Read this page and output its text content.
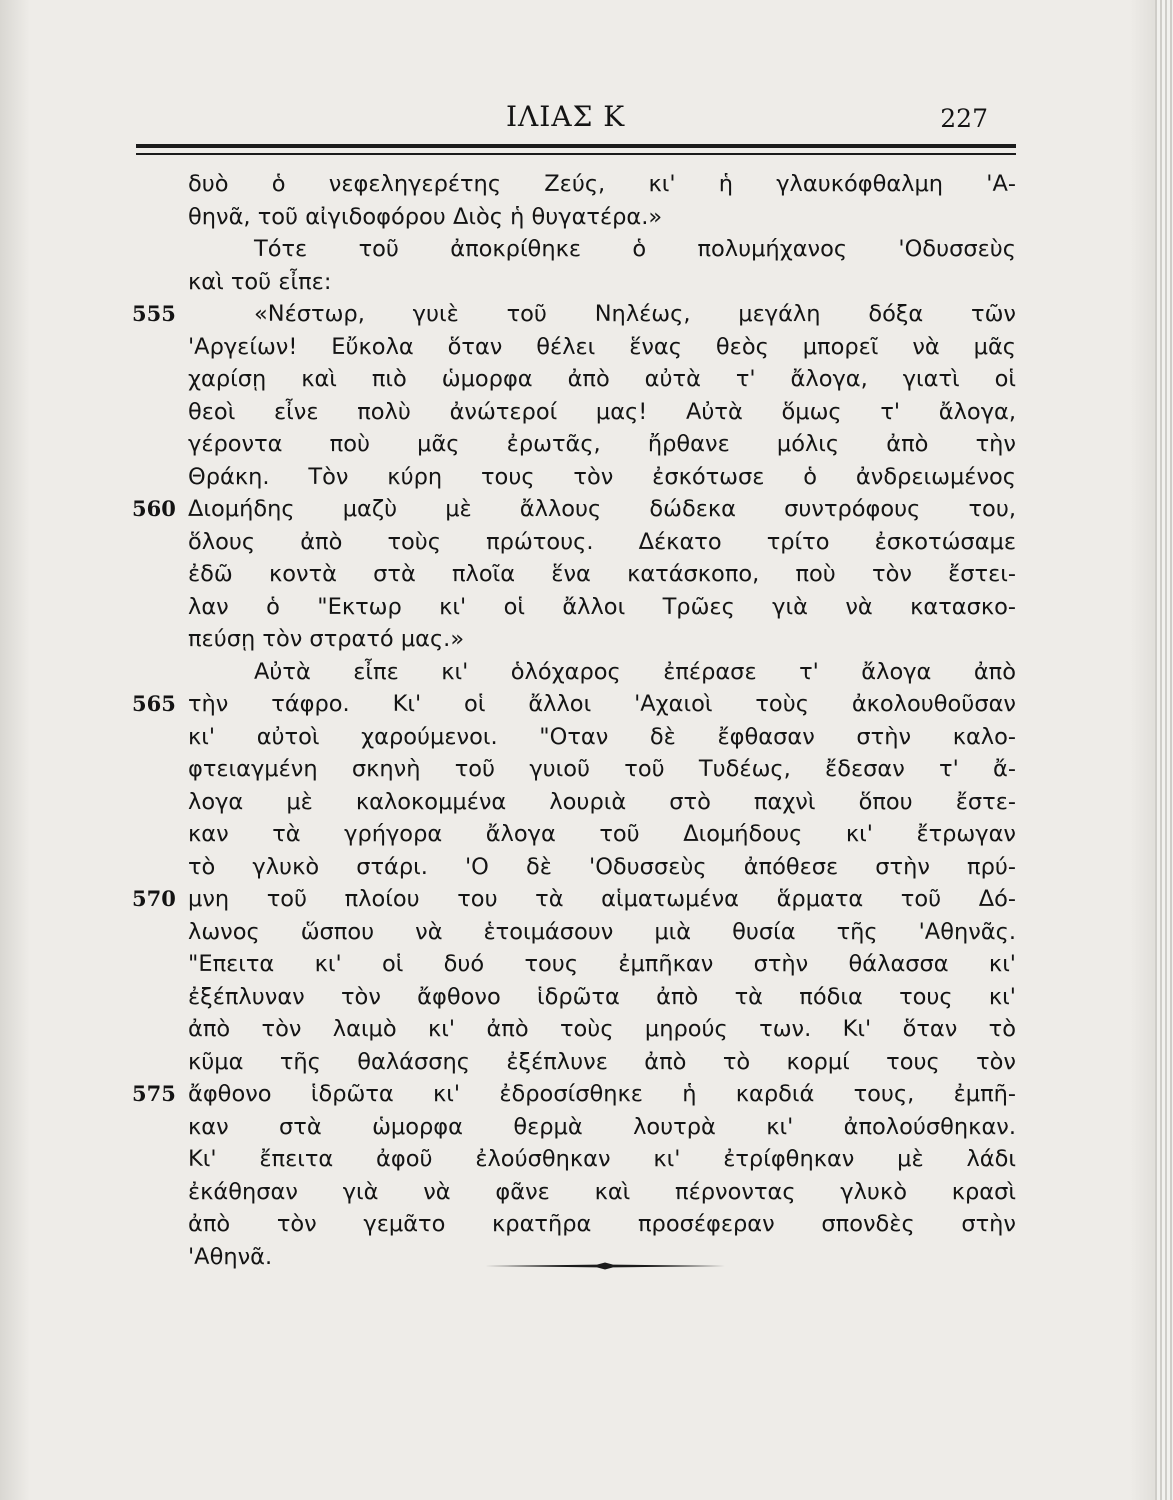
ΙΛΙΑΣ Κ	227
δυὸ ὁ νεφεληγερέτης Ζεύς, κι' ἡ γλαυκόφθαλμη 'Α-
θηνᾶ, τοῦ αἰγιδοφόρου Διὸς ἡ θυγατέρα.»
Τότε τοῦ ἀποκρίθηκε ὁ πολυμήχανος 'Οδυσσεὺς
καὶ τοῦ εἶπε:
555	«Νέστωρ, γυιὲ τοῦ Νηλέως, μεγάλη δόξα τῶν
'Αργείων! Εὔκολα ὅταν θέλει ἕνας θεὸς μπορεῖ νὰ μᾶς
χαρίσῃ καὶ πιὸ ὡμορφα ἀπὸ αὐτὰ τ' ἄλογα, γιατὶ οἱ
θεοὶ εἶνε πολὺ ἀνώτεροί μας! Αὐτὰ ὅμως τ' ἄλογα,
γέροντα ποὺ μᾶς ἐρωτᾶς, ἤρθανε μόλις ἀπὸ τὴν
Θράκη. Τὸν κύρη τους τὸν ἐσκότωσε ὁ ἀνδρειωμένος
560 Διομήδης μαζὺ μὲ ἄλλους δώδεκα συντρόφους του,
ὅλους ἀπὸ τοὺς πρώτους. Δέκατο τρίτο ἐσκοτώσαμε
ἐδῶ κοντὰ στὰ πλοῖα ἕνα κατάσκοπο, ποὺ τὸν ἔστει-
λαν ὁ "Εκτωρ κι' οἱ ἄλλοι Τρῶες γιὰ νὰ κατασκο-
πεύσῃ τὸν στρατό μας.»
Αὐτὰ εἶπε κι' ὁλόχαρος ἐπέρασε τ' ἄλογα ἀπὸ
565 τὴν τάφρο. Κι' οἱ ἄλλοι 'Αχαιοὶ τοὺς ἀκολουθοῦσαν
κι' αὐτοὶ χαρούμενοι. "Οταν δὲ ἔφθασαν στὴν καλο-
φτειαγμένη σκηνὴ τοῦ γυιοῦ τοῦ Τυδέως, ἔδεσαν τ' ἄ-
λογα μὲ καλοκομμένα λουριὰ στὸ παχνὶ ὅπου ἔστε-
καν τὰ γρήγορα ἄλογα τοῦ Διομήδους κι' ἔτρωγαν
τὸ γλυκὸ στάρι. 'Ο δὲ 'Οδυσσεὺς ἀπόθεσε στὴν πρύ-
570 μνη τοῦ πλοίου του τὰ αἱματωμένα ἅρματα τοῦ Δό-
λωνος ὥσπου νὰ ἑτοιμάσουν μιὰ θυσία τῆς 'Αθηνᾶς.
"Επειτα κι' οἱ δυό τους ἐμπῆκαν στὴν θάλασσα κι'
ἐξέπλυναν τὸν ἄφθονο ἱδρῶτα ἀπὸ τὰ πόδια τους κι'
ἀπὸ τὸν λαιμὸ κι' ἀπὸ τοὺς μηρούς των. Κι' ὅταν τὸ
κῦμα τῆς θαλάσσης ἐξέπλυνε ἀπὸ τὸ κορμί τους τὸν
575 ἄφθονο ἱδρῶτα κι' ἐδροσίσθηκε ἡ καρδιά τους, ἐμπῆ-
καν στὰ ὡμορφα θερμὰ λουτρὰ κι' ἀπολούσθηκαν.
Κι' ἔπειτα ἀφοῦ ἐλούσθηκαν κι' ἐτρίφθηκαν μὲ λάδι
ἐκάθησαν γιὰ νὰ φᾶνε καὶ πέρνοντας γλυκὸ κρασὶ
ἀπὸ τὸν γεμᾶτο κρατῆρα προσέφεραν σπονδὲς στὴν
'Αθηνᾶ.
